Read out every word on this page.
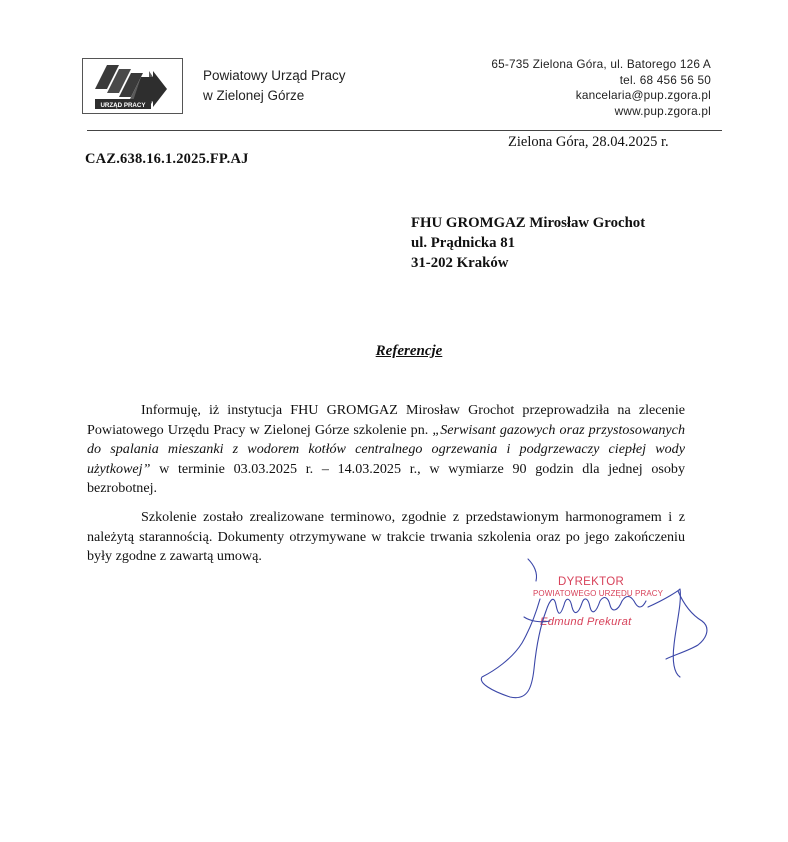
URZĄD PRACY
Powiatowy Urząd Pracy
w Zielonej Górze
65-735 Zielona Góra, ul. Batorego 126 A
tel. 68 456 56 50
kancelaria@pup.zgora.pl
www.pup.zgora.pl
Zielona Góra, 28.04.2025 r.
CAZ.638.16.1.2025.FP.AJ
FHU GROMGAZ Mirosław Grochot
ul. Prądnicka 81
31-202 Kraków
Referencje
Informuję, iż instytucja FHU GROMGAZ Mirosław Grochot przeprowadziła na zlecenie Powiatowego Urzędu Pracy w Zielonej Górze szkolenie pn. „Serwisant gazowych oraz przystosowanych do spalania mieszanki z wodorem kotłów centralnego ogrzewania i podgrzewaczy ciepłej wody użytkowej” w terminie 03.03.2025 r. – 14.03.2025 r., w wymiarze 90 godzin dla jednej osoby bezrobotnej.
Szkolenie zostało zrealizowane terminowo, zgodnie z przedstawionym harmonogramem i z należytą starannością. Dokumenty otrzymywane w trakcie trwania szkolenia oraz po jego zakończeniu były zgodne z zawartą umową.
DYREKTOR
POWIATOWEGO URZĘDU PRACY
Edmund Prekurat
